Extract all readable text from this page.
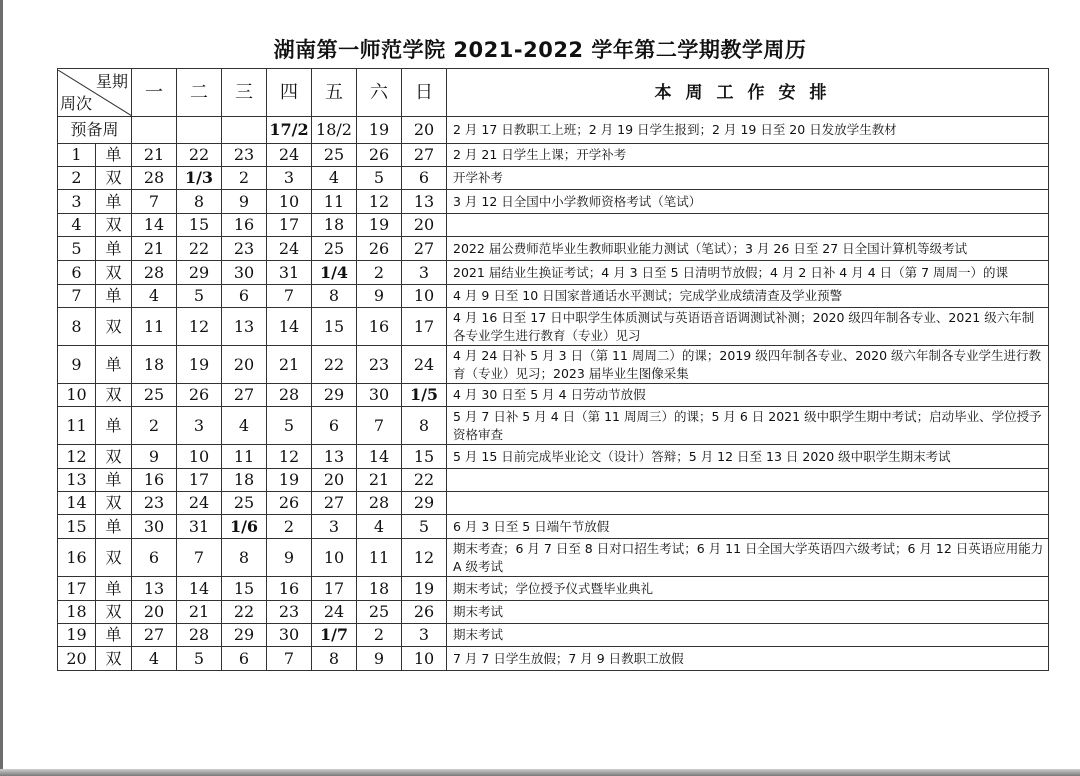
湖南第一师范学院 2021-2022 学年第二学期教学周历
星期
周次		一	二	三	四	五	六	日	本周工作安排
预备周					17/2	18/2	19	20	2 月 17 日教职工上班；2 月 19 日学生报到；2 月 19 日至 20 日发放学生教材
1	单	21	22	23	24	25	26	27	2 月 21 日学生上课；开学补考
2	双	28	1/3	2	3	4	5	6	开学补考
3	单	7	8	9	10	11	12	13	3 月 12 日全国中小学教师资格考试（笔试）
4	双	14	15	16	17	18	19	20	
5	单	21	22	23	24	25	26	27	2022 届公费师范毕业生教师职业能力测试（笔试）；3 月 26 日至 27 日全国计算机等级考试
6	双	28	29	30	31	1/4	2	3	2021 届结业生换证考试；4 月 3 日至 5 日清明节放假；4 月 2 日补 4 月 4 日（第 7 周周一）的课
7	单	4	5	6	7	8	9	10	4 月 9 日至 10 日国家普通话水平测试；完成学业成绩清查及学业预警
8	双	11	12	13	14	15	16	17	4 月 16 日至 17 日中职学生体质测试与英语语音语调测试补测；2020 级四年制各专业、2021 级六年制各专业学生进行教育（专业）见习
9	单	18	19	20	21	22	23	24	4 月 24 日补 5 月 3 日（第 11 周周二）的课；2019 级四年制各专业、2020 级六年制各专业学生进行教育（专业）见习；2023 届毕业生图像采集
10	双	25	26	27	28	29	30	1/5	4 月 30 日至 5 月 4 日劳动节放假
11	单	2	3	4	5	6	7	8	5 月 7 日补 5 月 4 日（第 11 周周三）的课；5 月 6 日 2021 级中职学生期中考试；启动毕业、学位授予资格审查
12	双	9	10	11	12	13	14	15	5 月 15 日前完成毕业论文（设计）答辩；5 月 12 日至 13 日 2020 级中职学生期末考试
13	单	16	17	18	19	20	21	22	
14	双	23	24	25	26	27	28	29	
15	单	30	31	1/6	2	3	4	5	6 月 3 日至 5 日端午节放假
16	双	6	7	8	9	10	11	12	期末考查；6 月 7 日至 8 日对口招生考试；6 月 11 日全国大学英语四六级考试；6 月 12 日英语应用能力 A 级考试
17	单	13	14	15	16	17	18	19	期末考试；学位授予仪式暨毕业典礼
18	双	20	21	22	23	24	25	26	期末考试
19	单	27	28	29	30	1/7	2	3	期末考试
20	双	4	5	6	7	8	9	10	7 月 7 日学生放假；7 月 9 日教职工放假
